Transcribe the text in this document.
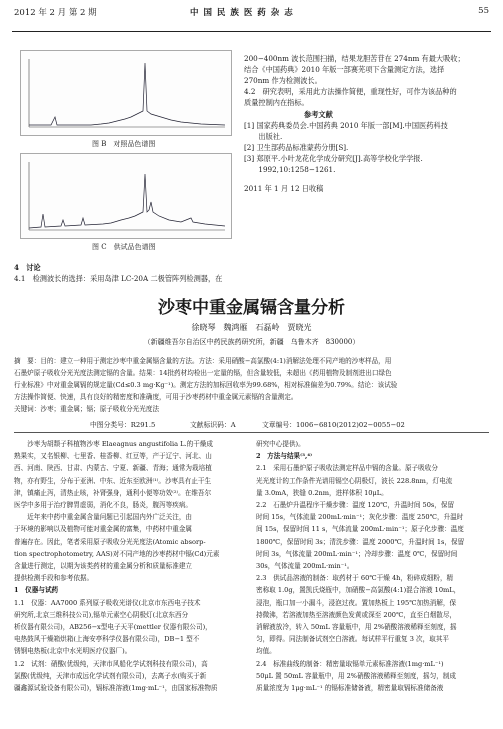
2012 年 2 月 第 2 期	中 国 民 族 医 药 杂 志	55
图 B　对照品色谱图
图 C　供试品色谱图

4　讨论

4.1　检测波长的选择：采用岛津 LC-20A 二极管阵列检测器，在

200−400nm 波长范围扫描，结果龙胆苦苷在 274nm 有最大吸收；

结合《中国药典》2010 年版一部赛芜项下含量测定方法，选择

270nm 作为检测波长。

4.2　研究表明，采用此方法操作简便，重现性好，可作为该品种的

质量控制内在指标。

参考文献

[1] 国家药典委员会.中国药典 2010 年版一部[M].中国医药科技

　　出版社.

[2] 卫生部药品标准蒙药分册[S].

[3] 郑原平.小叶龙花化学成分研究[J].高等学校化学学报.

　　1992,10:1258−1261.

2011 年 1 月 12 日收稿

沙枣中重金属镉含量分析
徐晓琴　魏鸿雁　石磊岭　贾晓光
（新疆维吾尔自治区中药民族药研究所，新疆　乌鲁木齐　830000）

摘　要：目的：建立一种用于测定沙枣中重金属镉含量的方法。方法：采用硝酸−高氯酸(4:1)消解法处理不同产地的沙枣样品，用

石墨炉原子吸收分光光度法测定镉的含量。结果：14批药材均检出一定量的镉，但含量较低，未超出《药用植物及制剂进出口绿色

行业标准》中对重金属镉的规定量(Cd≤0.3 mg·Kg⁻¹)。测定方法的加标回收率为99.68%，相对标准偏差为0.79%。结论：该试验

方法操作简便、快速，具有良好的精密度和准确度，可用于沙枣药材中重金属元素镉的含量测定。

关键词：沙枣；重金属；镉；原子吸收分光光度法

中图分类号：R291.5	文献标识码：A	文章编号：1006−6810(2012)02−0055−02

　　沙枣为胡颓子科植物沙枣 Elaeagnus angustifolia L.的干燥成

熟果实，又名银柳、七里香、桂香柳、红豆等，产于辽宁、河北、山

西、河南、陕西、甘肃、内蒙古、宁夏、新疆、青海；通常为栽培植

物，亦有野生，分布于亚洲、中东、近东至欧洲⁽¹⁾。沙枣具有止干生

津，镇痛止泻，清热止咳，补肾强身，通利小便等功效⁽²⁾。在维吾尔

医学中多用于治疗脾胃虚弱，消化不良，肠炎，腹泻等疾病。

　　近年来中药中重金属含量问题已引起国内外广泛关注，由

于环境的影响以及植物可能对重金属的富集，中药材中重金属

普遍存在。因此，笔者采用原子吸收分光光度法(Atomic absorp-

tion spectrophotometry, AAS)对不同产地的沙枣药材中镉(Cd)元素

含量进行测定，以期为该类药材的重金属分析和质量标准建立

提供检测手段和参考依据。

1　仪器与试药

1.1　仪器：AA7000 系列原子吸收光谱仪(北京市东西电子技术

研究所,北京三维科技公司),镉单元素空心阴极灯(北京东西分

析仪器有限公司)，AB256−ⅹ型电子天平(mettler 仪器有限公司)，

电热鼓风干燥箱烘箱(上海安亭科学仪器有限公司)，DB−1 型不

锈钢电热板(北京中水光明医疗仪器厂)。

1.2　试剂：硝酸(优级纯，天津市风船化学试剂科技有限公司)，高

氯酸(优级纯，天津市成远化学试剂有限公司)，去离子水(购买于新

疆鑫源试验设备有限公司)，镉标准溶液(1mg·mL⁻¹，由国家标准物质

研究中心提供)。

2　方法与结果⁽³,⁴⁾

2.1　采用石墨炉原子吸收法测定样品中镉的含量。原子吸收分

光光度计的工作条件光谱用镉空心阴极灯，波长 228.8nm，灯电流

量 3.0mA，狭缝 0.2nm，进样体积 10μL。

2.2　石墨炉升温程序干燥步骤：温度 120℃，升温时间 50s，保留

时间 15s，气体流量 200mL·min⁻¹；灰化步骤：温度 250℃，升温时

间 15s，保留时间 11 s，气体流量 200mL·min⁻¹；原子化步骤：温度

1800℃，保留时间 3s；清洗步骤：温度 2000℃，升温时间 1s，保留

时间 3s，气体流量 200mL·min⁻¹；冷却步骤：温度 0℃，保留时间

30s，气体流量 200mL·min⁻¹。

2.3　供试品溶液的制备：取药材于 60℃干燥 4h，粉碎成细粉，精

密称取 1.0g，置凯氏烧瓶中，加硝酸−高氯酸(4:1)混合溶液 10mL，

浸泡，瓶口加一小漏斗，浸泡过夜。置加热板上 195℃加热消解，保

持微沸，若溶液加热至溶液颜色发黄或深至 200℃，直至白烟散尽，

消解液放冷，转入 50mL 容量瓶中，用 2%硝酸溶液稀释至刻度，摇

匀，即得。同法制备试剂空白溶液。每试样平行重复 3 次，取其平

均值。

2.4　标准曲线的制备：精密量取镉单元素标准溶液(1mg·mL⁻¹)

50μL 置 50mL 容量瓶中，用 2%硝酸溶液稀释至刻度，摇匀，制成

质量浓度为 1μg·mL⁻¹ 的镉标准储备液，精密量取镉标准储备液
